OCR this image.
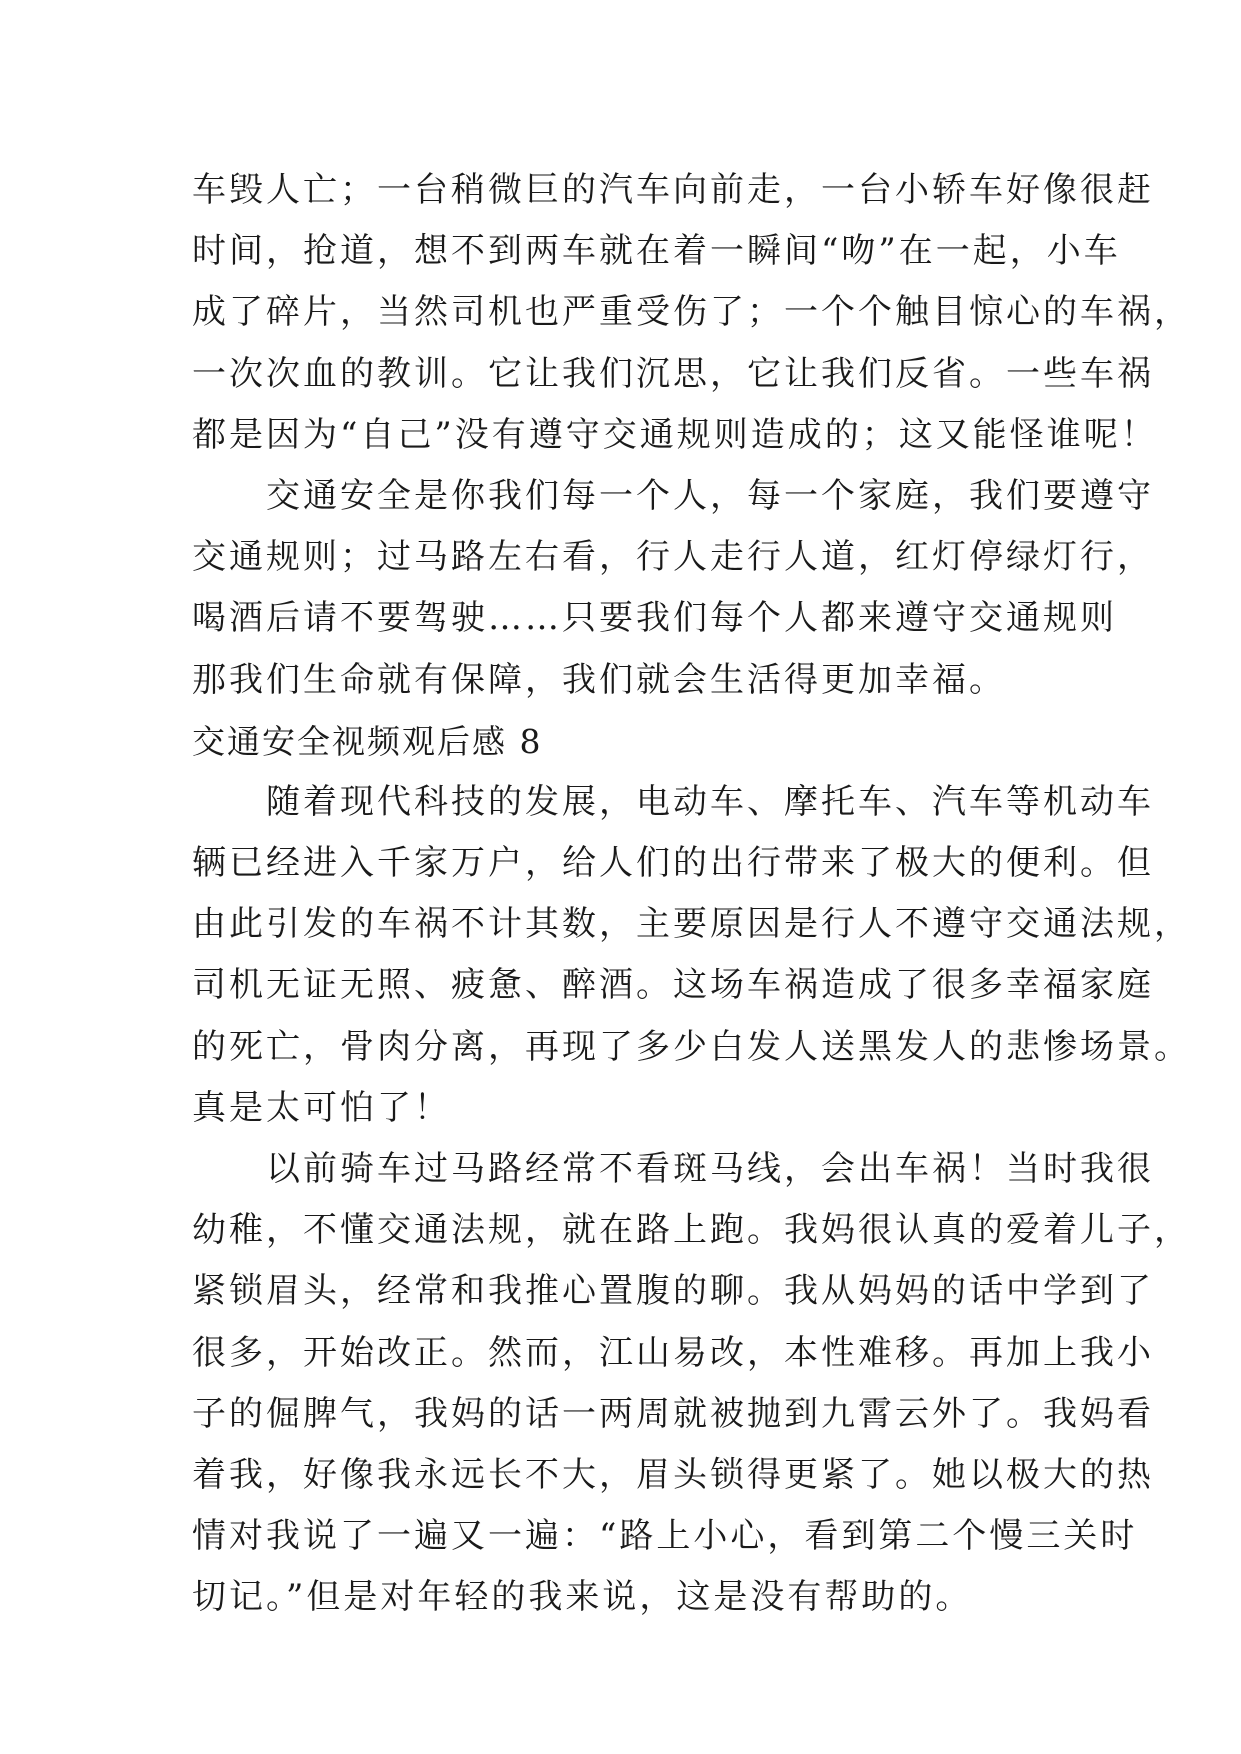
车毁人亡；一台稍微巨的汽车向前走，一台小轿车好像很赶
时间，抢道，想不到两车就在着一瞬间“吻”在一起，小车
成了碎片，当然司机也严重受伤了；一个个触目惊心的车祸，
一次次血的教训。它让我们沉思，它让我们反省。一些车祸
都是因为“自己”没有遵守交通规则造成的；这又能怪谁呢！
　　交通安全是你我们每一个人，每一个家庭，我们要遵守
交通规则；过马路左右看，行人走行人道，红灯停绿灯行，
喝酒后请不要驾驶……只要我们每个人都来遵守交通规则
那我们生命就有保障，我们就会生活得更加幸福。
交通安全视频观后感 8
　　随着现代科技的发展，电动车、摩托车、汽车等机动车
辆已经进入千家万户，给人们的出行带来了极大的便利。但
由此引发的车祸不计其数，主要原因是行人不遵守交通法规，
司机无证无照、疲惫、醉酒。这场车祸造成了很多幸福家庭
的死亡，骨肉分离，再现了多少白发人送黑发人的悲惨场景。
真是太可怕了！
　　以前骑车过马路经常不看斑马线，会出车祸！当时我很
幼稚，不懂交通法规，就在路上跑。我妈很认真的爱着儿子，
紧锁眉头，经常和我推心置腹的聊。我从妈妈的话中学到了
很多，开始改正。然而，江山易改，本性难移。再加上我小
子的倔脾气，我妈的话一两周就被抛到九霄云外了。我妈看
着我，好像我永远长不大，眉头锁得更紧了。她以极大的热
情对我说了一遍又一遍：“路上小心，看到第二个慢三关时
切记。”但是对年轻的我来说，这是没有帮助的。
